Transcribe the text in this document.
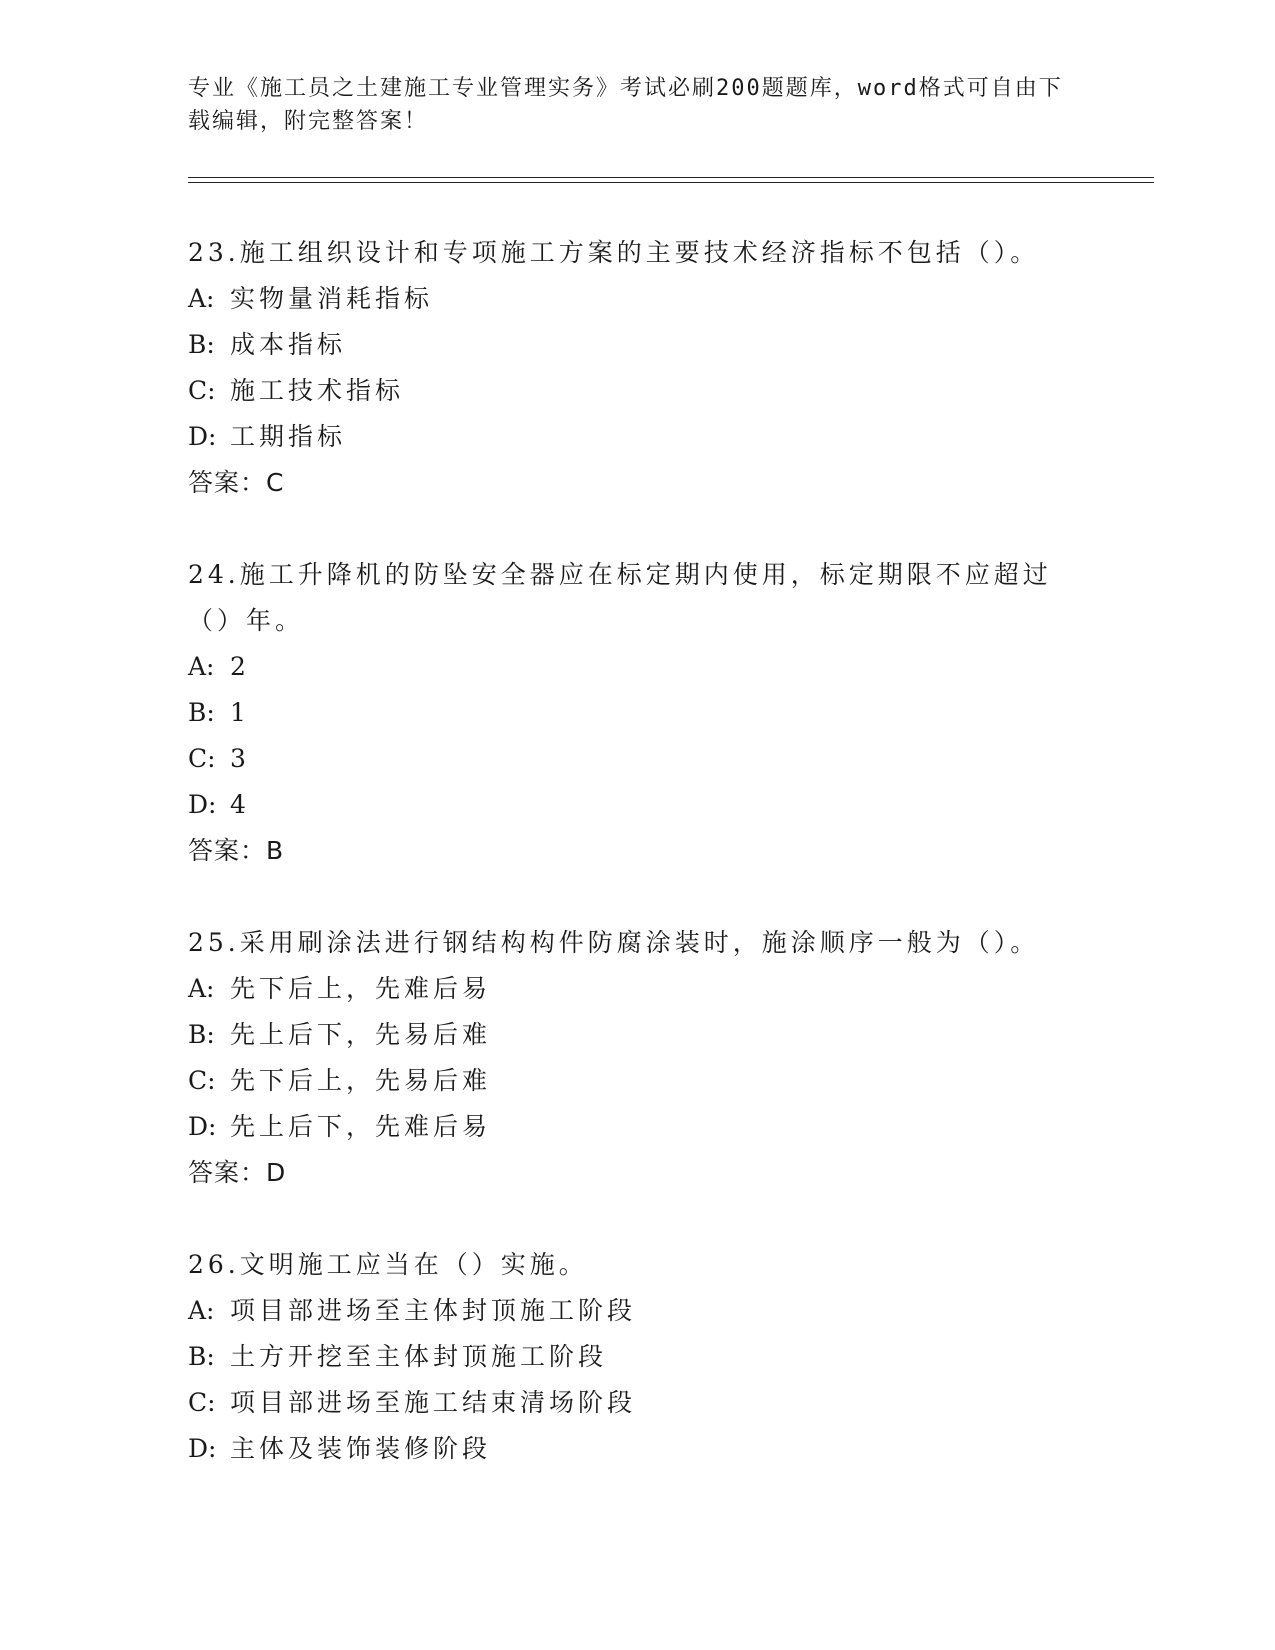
专业《施工员之土建施工专业管理实务》考试必刷200题题库，word格式可自由下载编辑，附完整答案！

23.施工组织设计和专项施工方案的主要技术经济指标不包括（）。

A: 实物量消耗指标

B: 成本指标

C: 施工技术指标

D: 工期指标

答案：C

24.施工升降机的防坠安全器应在标定期内使用，标定期限不应超过（）年。

A: 2

B: 1

C: 3

D: 4

答案：B

25.采用刷涂法进行钢结构构件防腐涂装时，施涂顺序一般为（）。

A: 先下后上，先难后易

B: 先上后下，先易后难

C: 先下后上，先易后难

D: 先上后下，先难后易

答案：D

26.文明施工应当在（）实施。

A: 项目部进场至主体封顶施工阶段

B: 土方开挖至主体封顶施工阶段

C: 项目部进场至施工结束清场阶段

D: 主体及装饰装修阶段
